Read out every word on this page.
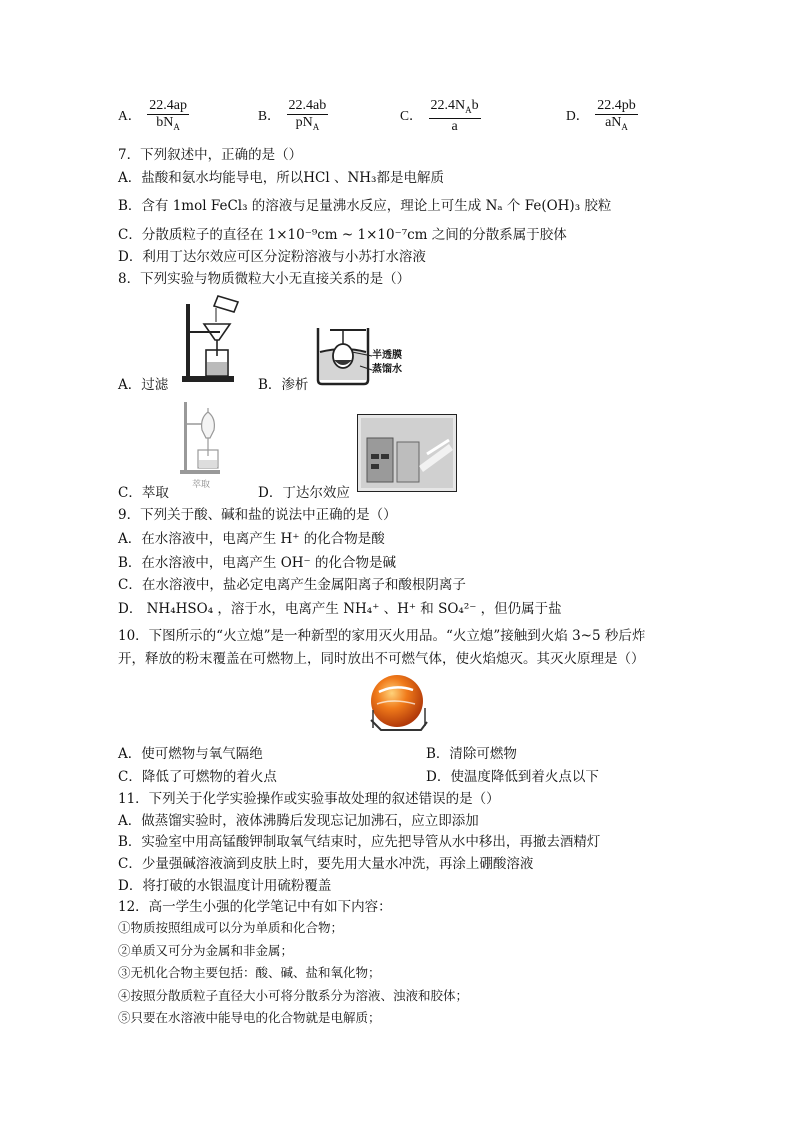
A． $\frac{22.4ap}{bN_A}$	B． $\frac{22.4ab}{pN_A}$	C． $\frac{22.4N_Ab}{a}$	D． $\frac{22.4pb}{aN_A}$
7．下列叙述中，正确的是（）
A．盐酸和氨水均能导电，所以HCl 、NH₃都是电解质
B．含有 1mol FeCl₃ 的溶液与足量沸水反应，理论上可生成 Nₐ 个 Fe(OH)₃ 胶粒
C．分散质粒子的直径在 1×10⁻⁹cm ~ 1×10⁻⁷cm 之间的分散系属于胶体
D．利用丁达尔效应可区分淀粉溶液与小苏打水溶液
8．下列实验与物质微粒大小无直接关系的是（）
A．过滤
半透膜
蒸馏水
B．渗析
萃取
C．萃取	D．丁达尔效应
9．下列关于酸、碱和盐的说法中正确的是（）
A．在水溶液中，电离产生 H⁺ 的化合物是酸
B．在水溶液中，电离产生 OH⁻ 的化合物是碱
C．在水溶液中，盐必定电离产生金属阳离子和酸根阴离子
D． NH₄HSO₄ ，溶于水，电离产生 NH₄⁺ 、H⁺ 和 SO₄²⁻ ，但仍属于盐
10．下图所示的“火立熄”是一种新型的家用灭火用品。“火立熄”接触到火焰 3~5 秒后炸
开，释放的粉末覆盖在可燃物上，同时放出不可燃气体，使火焰熄灭。其灭火原理是（）
A．使可燃物与氧气隔绝	B．清除可燃物
C．降低了可燃物的着火点	D．使温度降低到着火点以下
11．下列关于化学实验操作或实验事故处理的叙述错误的是（）
A．做蒸馏实验时，液体沸腾后发现忘记加沸石，应立即添加
B．实验室中用高锰酸钾制取氧气结束时，应先把导管从水中移出，再撤去酒精灯
C．少量强碱溶液滴到皮肤上时，要先用大量水冲洗，再涂上硼酸溶液
D．将打破的水银温度计用硫粉覆盖
12．高一学生小强的化学笔记中有如下内容：
①物质按照组成可以分为单质和化合物；
②单质又可分为金属和非金属；
③无机化合物主要包括：酸、碱、盐和氧化物；
④按照分散质粒子直径大小可将分散系分为溶液、浊液和胶体；
⑤只要在水溶液中能导电的化合物就是电解质；
